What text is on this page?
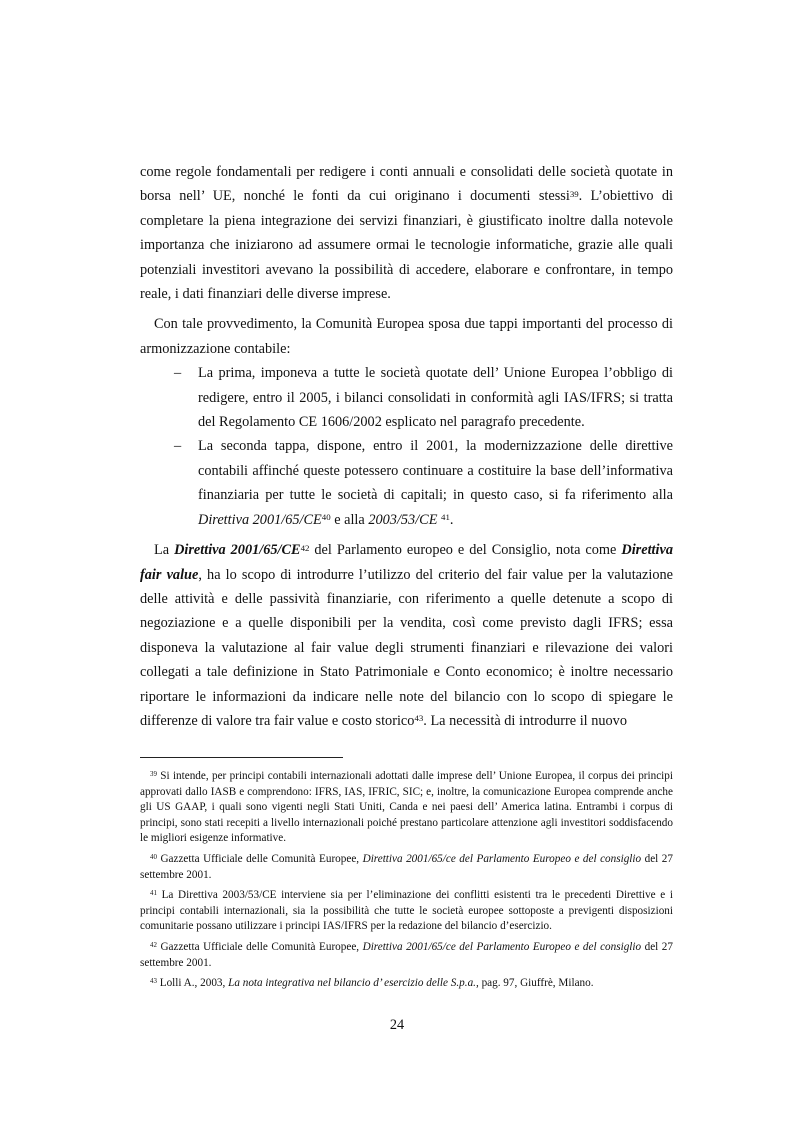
come regole fondamentali per redigere i conti annuali e consolidati delle società quotate in borsa nell’ UE, nonché le fonti da cui originano i documenti stessi$^{39}$. L’obiettivo di completare la piena integrazione dei servizi finanziari, è giustificato inoltre dalla notevole importanza che iniziarono ad assumere ormai le tecnologie informatiche, grazie alle quali potenziali investitori avevano la possibilità di accedere, elaborare e confrontare, in tempo reale, i dati finanziari delle diverse imprese.

Con tale provvedimento, la Comunità Europea sposa due tappi importanti del processo di armonizzazione contabile:

– La prima, imponeva a tutte le società quotate dell’ Unione Europea l’obbligo di redigere, entro il 2005, i bilanci consolidati in conformità agli IAS/IFRS; si tratta del Regolamento CE 1606/2002 esplicato nel paragrafo precedente.
– La seconda tappa, dispone, entro il 2001, la modernizzazione delle direttive contabili affinché queste potessero continuare a costituire la base dell’informativa finanziaria per tutte le società di capitali; in questo caso, si fa riferimento alla Direttiva 2001/65/CE$^{40}$ e alla 2003/53/CE $^{41}$.

La Direttiva 2001/65/CE$^{42}$ del Parlamento europeo e del Consiglio, nota come Direttiva fair value, ha lo scopo di introdurre l’utilizzo del criterio del fair value per la valutazione delle attività e delle passività finanziarie, con riferimento a quelle detenute a scopo di negoziazione e a quelle disponibili per la vendita, così come previsto dagli IFRS; essa disponeva la valutazione al fair value degli strumenti finanziari e rilevazione dei valori collegati a tale definizione in Stato Patrimoniale e Conto economico; è inoltre necessario riportare le informazioni da indicare nelle note del bilancio con lo scopo di spiegare le differenze di valore tra fair value e costo storico$^{43}$. La necessità di introdurre il nuovo

$^{39}$ Si intende, per principi contabili internazionali adottati dalle imprese dell’ Unione Europea, il corpus dei principi approvati dallo IASB e comprendono: IFRS, IAS, IFRIC, SIC; e, inoltre, la comunicazione Europea comprende anche gli US GAAP, i quali sono vigenti negli Stati Uniti, Canda e nei paesi dell’ America latina. Entrambi i corpus di principi, sono stati recepiti a livello internazionali poiché prestano particolare attenzione agli investitori soddisfacendo le migliori esigenze informative.

$^{40}$ Gazzetta Ufficiale delle Comunità Europee, Direttiva 2001/65/ce del Parlamento Europeo e del consiglio del 27 settembre 2001.

$^{41}$ La Direttiva 2003/53/CE interviene sia per l’eliminazione dei conflitti esistenti tra le precedenti Direttive e i principi contabili internazionali, sia la possibilità che tutte le società europee sottoposte a previgenti disposizioni comunitarie possano utilizzare i principi IAS/IFRS per la redazione del bilancio d’esercizio.

$^{42}$ Gazzetta Ufficiale delle Comunità Europee, Direttiva 2001/65/ce del Parlamento Europeo e del consiglio del 27 settembre 2001.

$^{43}$ Lolli A., 2003, La nota integrativa nel bilancio d’ esercizio delle S.p.a., pag. 97, Giuffrè, Milano.

24
